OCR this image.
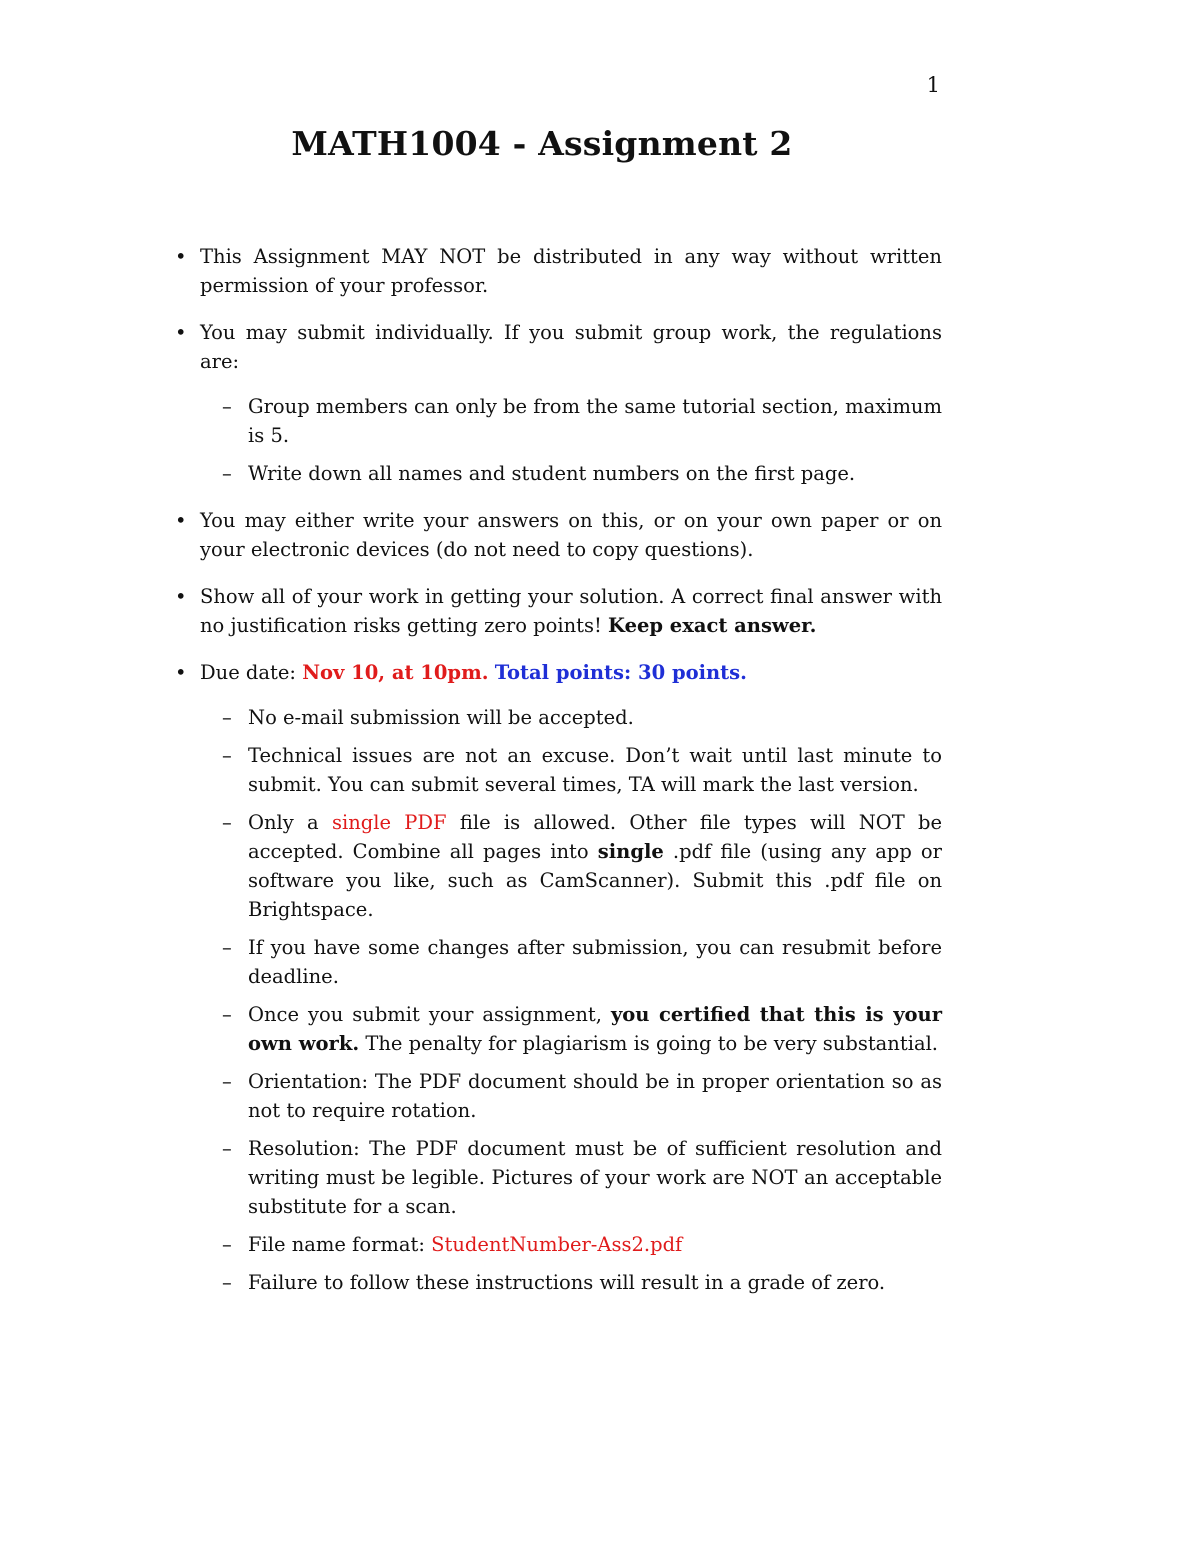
1
MATH1004 - Assignment 2
• This Assignment MAY NOT be distributed in any way without written permission of your professor.
• You may submit individually. If you submit group work, the regulations are:
– Group members can only be from the same tutorial section, maximum is 5.
– Write down all names and student numbers on the first page.
• You may either write your answers on this, or on your own paper or on your electronic devices (do not need to copy questions).
• Show all of your work in getting your solution. A correct final answer with no justification risks getting zero points! Keep exact answer.
• Due date: Nov 10, at 10pm. Total points: 30 points.
– No e-mail submission will be accepted.
– Technical issues are not an excuse. Don’t wait until last minute to submit. You can submit several times, TA will mark the last version.
– Only a single PDF file is allowed. Other file types will NOT be accepted. Combine all pages into single .pdf file (using any app or software you like, such as CamScanner). Submit this .pdf file on Brightspace.
– If you have some changes after submission, you can resubmit before deadline.
– Once you submit your assignment, you certified that this is your own work. The penalty for plagiarism is going to be very substantial.
– Orientation: The PDF document should be in proper orientation so as not to require rotation.
– Resolution: The PDF document must be of sufficient resolution and writing must be legible. Pictures of your work are NOT an acceptable substitute for a scan.
– File name format: StudentNumber-Ass2.pdf
– Failure to follow these instructions will result in a grade of zero.
